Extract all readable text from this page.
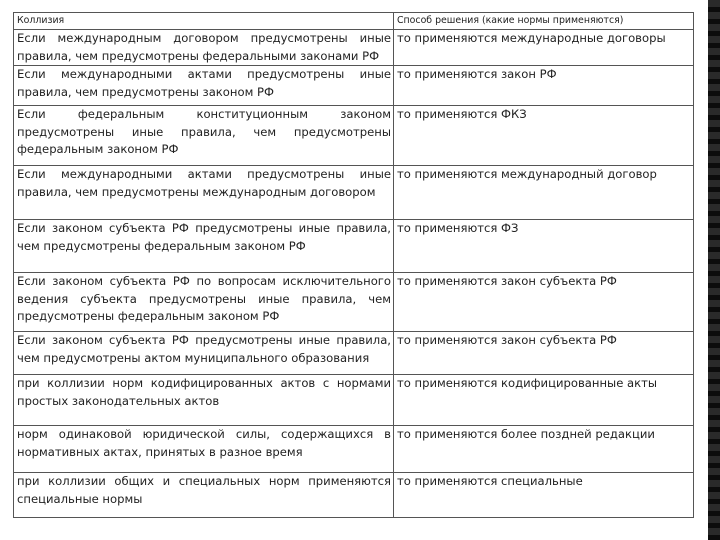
Коллизия	Способ решения (какие нормы применяются)
Если международным договором предусмотрены иные правила, чем предусмотрены федеральными законами РФ	то применяются международные договоры
Если международными актами предусмотрены иные правила, чем предусмотрены законом РФ	то применяются закон РФ
Если федеральным конституционным законом предусмотрены иные правила, чем предусмотрены федеральным законом РФ	то применяются ФКЗ
Если международными актами предусмотрены иные правила, чем предусмотрены международным договором	то применяются международный договор
Если законом субъекта РФ предусмотрены иные правила, чем предусмотрены федеральным законом РФ	то применяются ФЗ
Если законом субъекта РФ по вопросам исключительного ведения субъекта предусмотрены иные правила, чем предусмотрены федеральным законом РФ	то применяются закон субъекта РФ
Если законом субъекта РФ предусмотрены иные правила, чем предусмотрены актом муниципального образования	то применяются закон субъекта РФ
при коллизии норм кодифицированных актов с нормами простых законодательных актов	то применяются кодифицированные акты
норм одинаковой юридической силы, содержащихся в нормативных актах, принятых в разное время	то применяются более поздней редакции
при коллизии общих и специальных норм применяются специальные нормы	то применяются специальные
